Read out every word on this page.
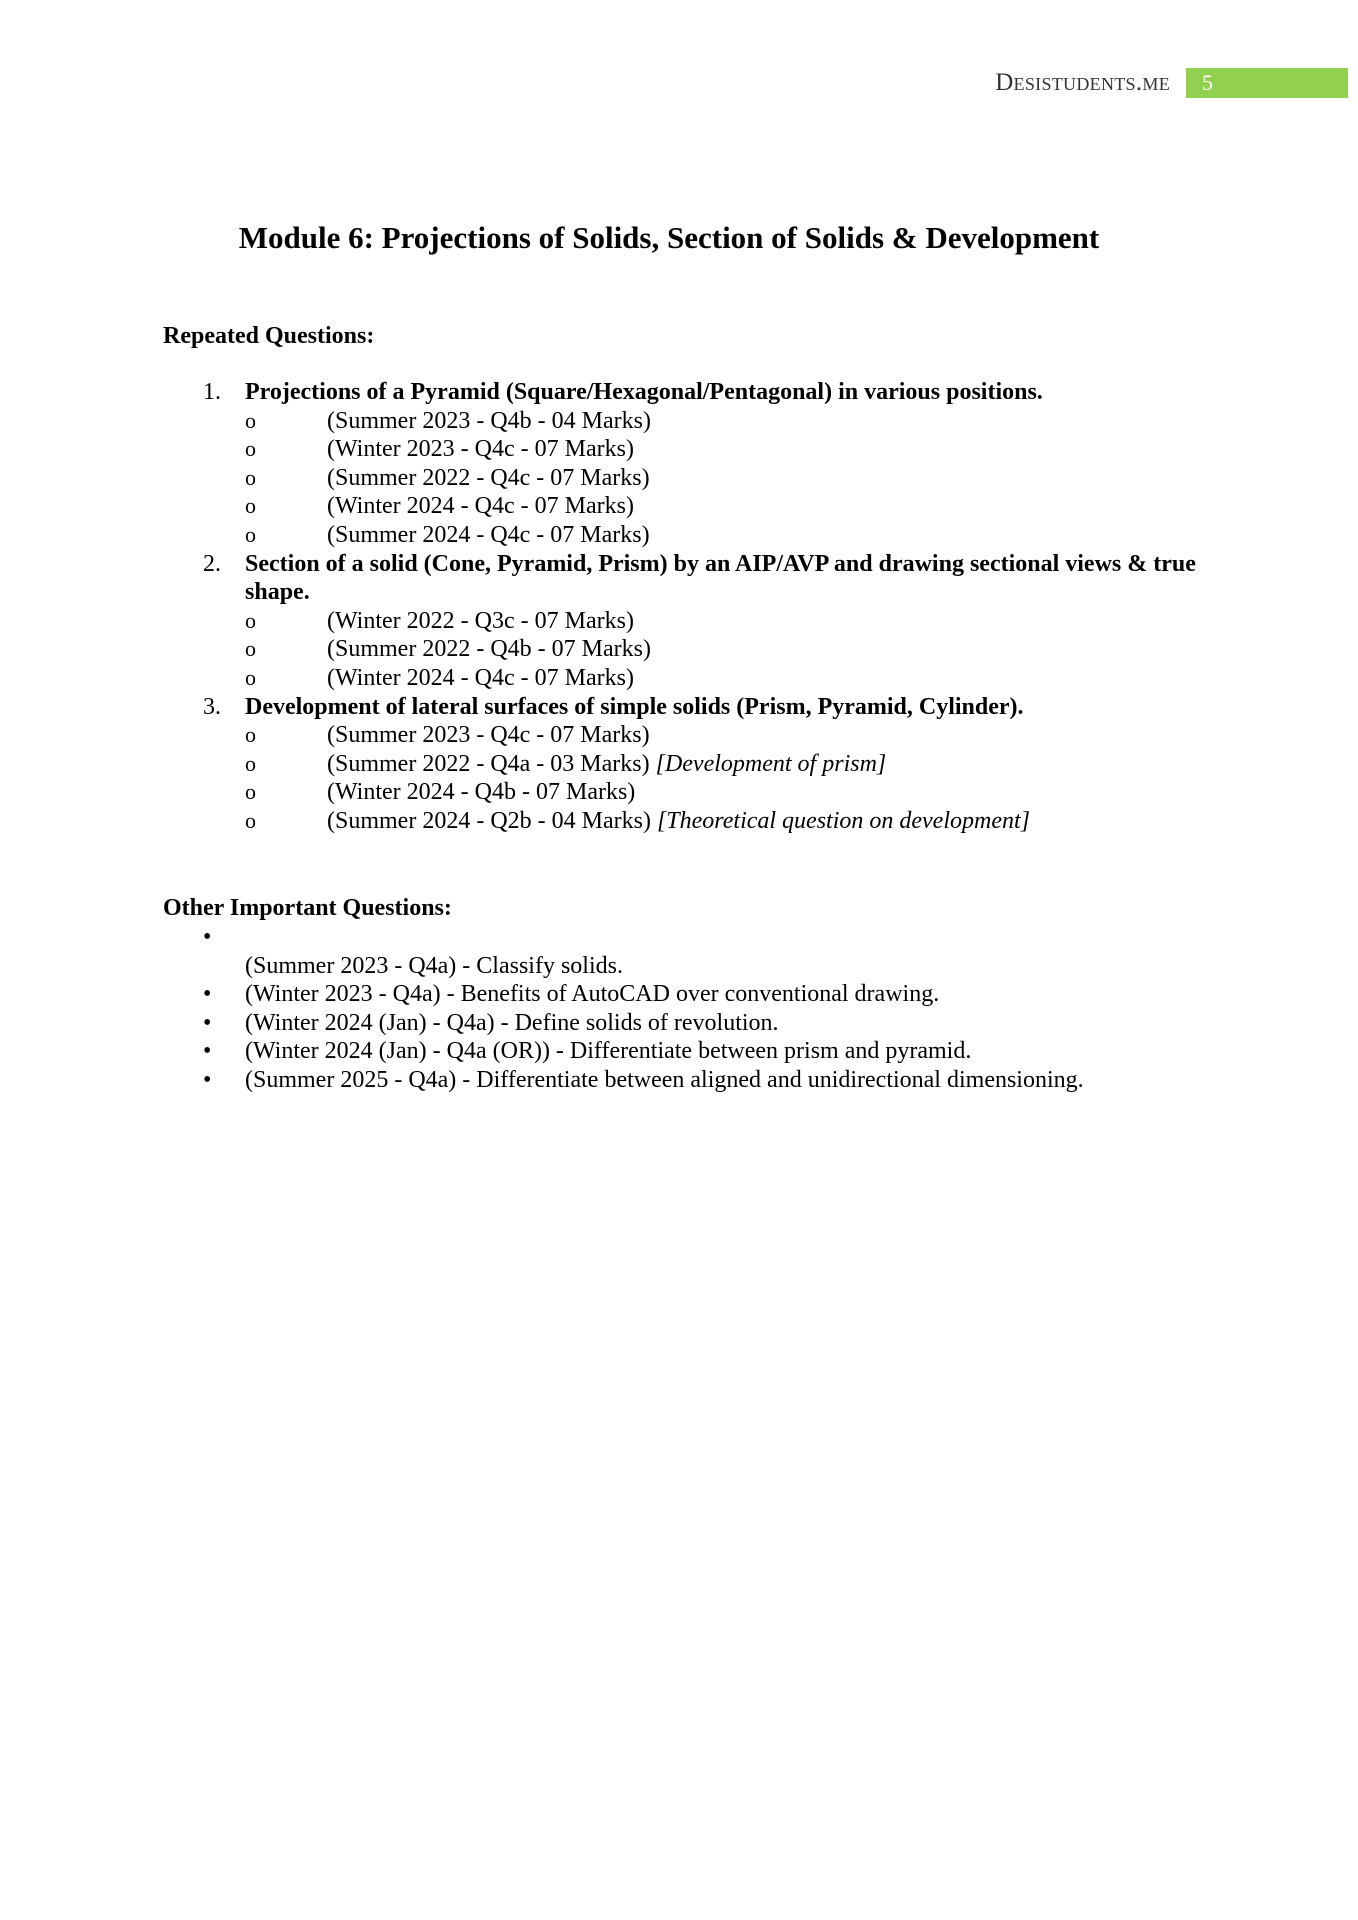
Desistudents.me	5
Module 6: Projections of Solids, Section of Solids & Development
Repeated Questions:
1. Projections of a Pyramid (Square/Hexagonal/Pentagonal) in various positions.
o	(Summer 2023 - Q4b - 04 Marks)
o	(Winter 2023 - Q4c - 07 Marks)
o	(Summer 2022 - Q4c - 07 Marks)
o	(Winter 2024 - Q4c - 07 Marks)
o	(Summer 2024 - Q4c - 07 Marks)
2. Section of a solid (Cone, Pyramid, Prism) by an AIP/AVP and drawing sectional views & true shape.
o	(Winter 2022 - Q3c - 07 Marks)
o	(Summer 2022 - Q4b - 07 Marks)
o	(Winter 2024 - Q4c - 07 Marks)
3. Development of lateral surfaces of simple solids (Prism, Pyramid, Cylinder).
o	(Summer 2023 - Q4c - 07 Marks)
o	(Summer 2022 - Q4a - 03 Marks) [Development of prism]
o	(Winter 2024 - Q4b - 07 Marks)
o	(Summer 2024 - Q2b - 04 Marks) [Theoretical question on development]
Other Important Questions:
•
(Summer 2023 - Q4a) - Classify solids.
• (Winter 2023 - Q4a) - Benefits of AutoCAD over conventional drawing.
• (Winter 2024 (Jan) - Q4a) - Define solids of revolution.
• (Winter 2024 (Jan) - Q4a (OR)) - Differentiate between prism and pyramid.
• (Summer 2025 - Q4a) - Differentiate between aligned and unidirectional dimensioning.
